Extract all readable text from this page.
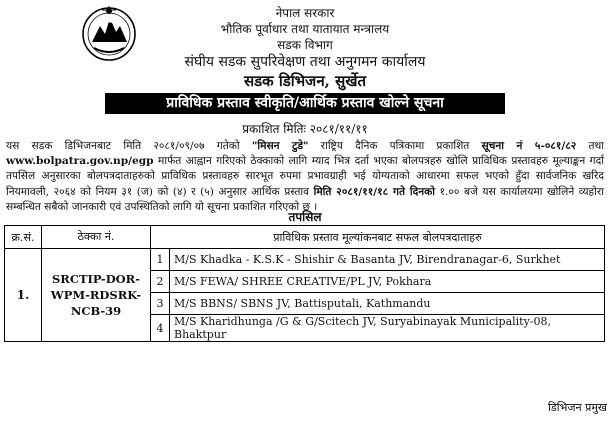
नेपाल सरकार
भौतिक पूर्वाधार तथा यातायात मन्त्रालय
सडक विभाग
संघीय सडक सुपरिवेक्षण तथा अनुगमन कार्यालय
सडक डिभिजन, सुर्खेत
प्राविधिक प्रस्ताव स्वीकृति/आर्थिक प्रस्ताव खोल्ने सूचना
प्रकाशित मितिः २०८१/११/११
यस सडक डिभिजनबाट मिति २०८१/०९/०७ गतेको "मिसन टुडे" राष्ट्रिय दैनिक पत्रिकामा प्रकाशित सूचना नं ५-०८१/८२ तथा www.bolpatra.gov.np/egp मार्फत आह्वान गरिएको ठेक्काको लागि म्याद भित्र दर्ता भएका बोलपत्रहरु खोलि प्राविधिक प्रस्तावहरु मूल्याङ्कन गर्दा तपसिल अनुसारका बोलपत्रदाताहरुको प्राविधिक प्रस्तावहरु सारभूत रुपमा प्रभावग्राही भई योग्यताको आधारमा सफल भएको हुँदा सार्वजनिक खरिद नियमावली, २०६४ को नियम ३१ (ज) को (४) र (५) अनुसार आर्थिक प्रस्ताव मिति २०८१/११/१८ गते दिनको १.०० बजे यस कार्यालयमा खोलिने व्यहोरा सम्बन्धित सबैको जानकारी एवं उपस्थितिको लागि यो सूचना प्रकाशित गरिएको छ ।
तपसिल
क्र.सं.	ठेक्का नं.	प्राविधिक प्रस्ताव मूल्यांकनबाट सफल बोलपत्रदाताहरु	
1.	SRCTIP-DOR-WPM-RDSRK-NCB-39	1	M/S Khadka - K.S.K - Shishir & Basanta JV, Birendranagar-6, Surkhet
		2	M/S FEWA/ SHREE CREATIVE/PL JV, Pokhara
		3	M/S BBNS/ SBNS JV, Battisputali, Kathmandu
		4	M/S Kharidhunga /G & G/Scitech JV, Suryabinayak Municipality-08, Bhaktpur
डिभिजन प्रमुख
